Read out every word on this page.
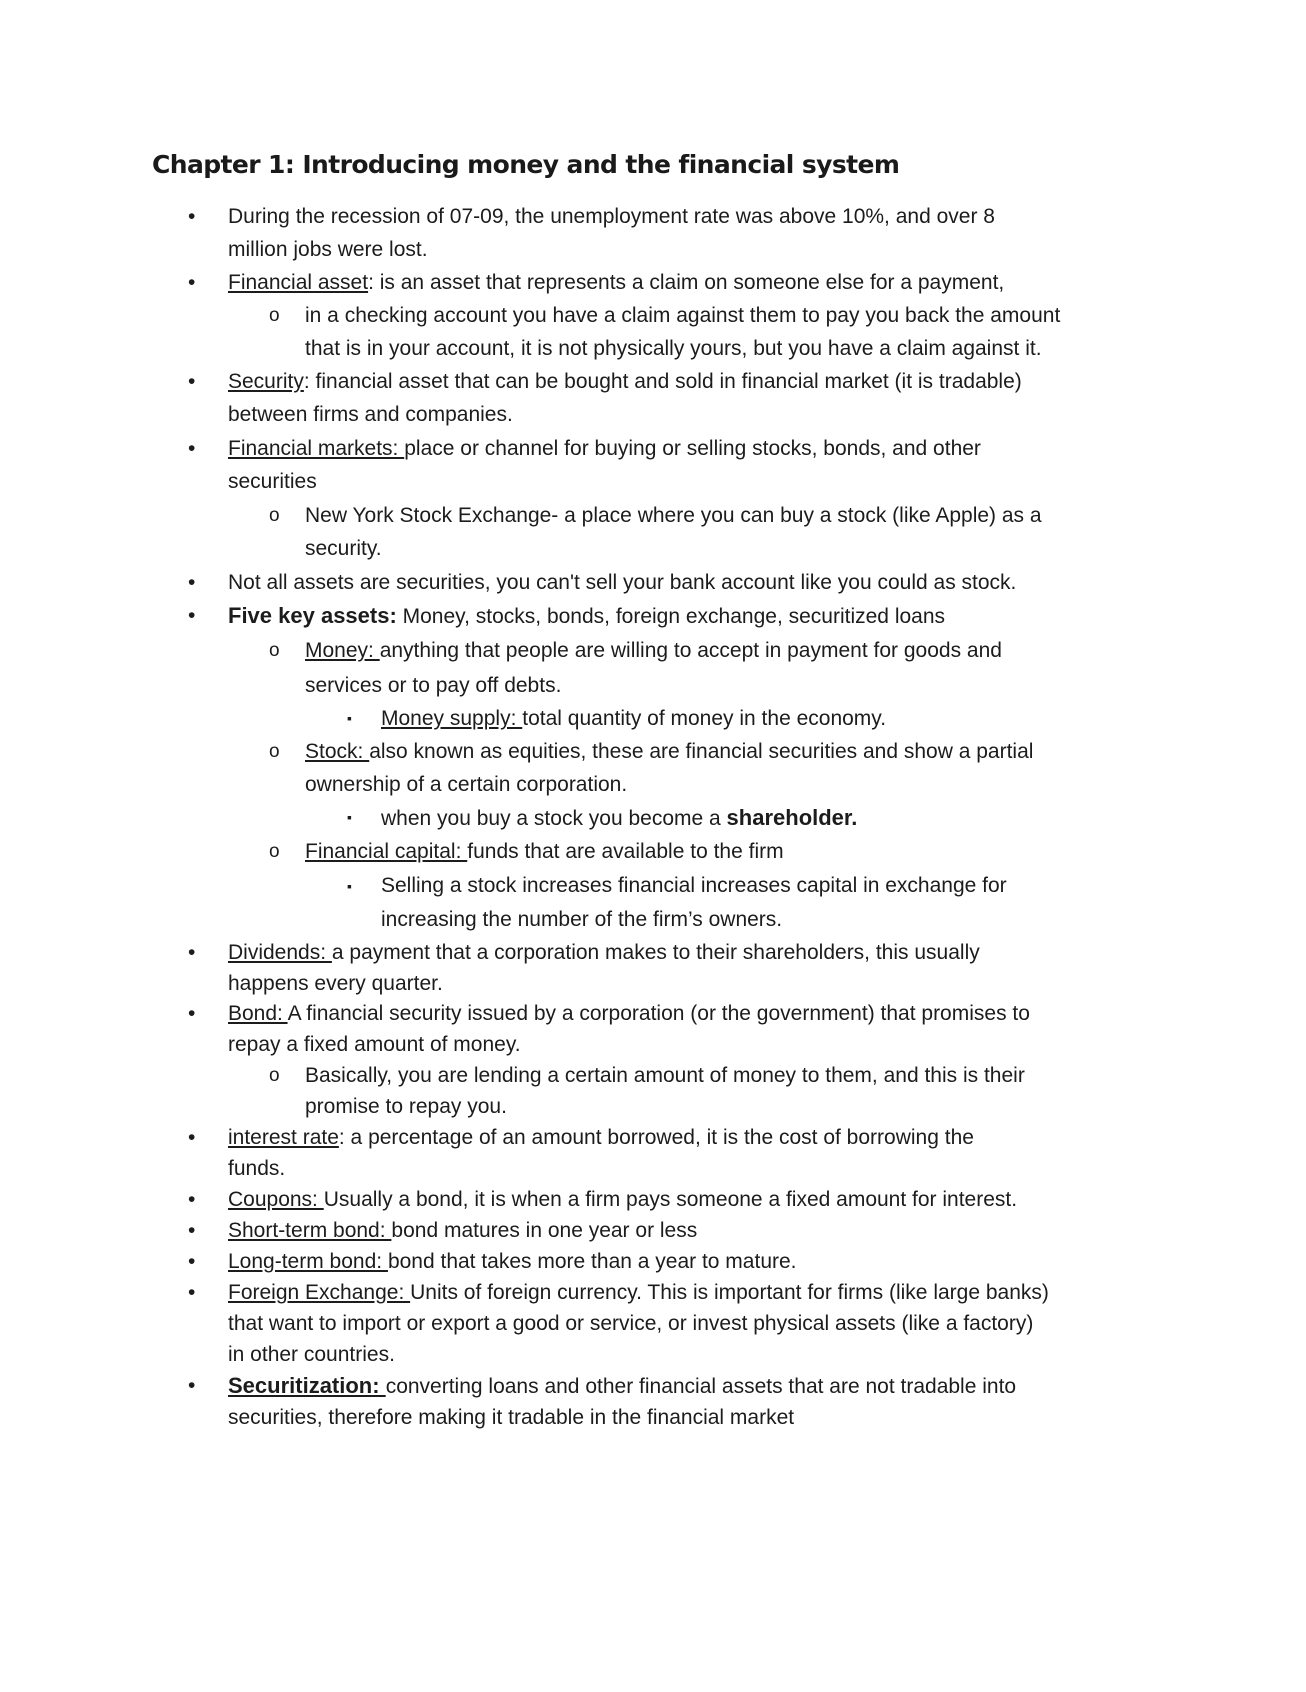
Chapter 1: Introducing money and the financial system
• During the recession of 07-09, the unemployment rate was above 10%, and over 8
million jobs were lost.
• Financial asset: is an asset that represents a claim on someone else for a payment,
o in a checking account you have a claim against them to pay you back the amount
that is in your account, it is not physically yours, but you have a claim against it.
• Security: financial asset that can be bought and sold in financial market (it is tradable)
between firms and companies.
• Financial markets: place or channel for buying or selling stocks, bonds, and other
securities
o New York Stock Exchange- a place where you can buy a stock (like Apple) as a
security.
• Not all assets are securities, you can't sell your bank account like you could as stock.
• Five key assets: Money, stocks, bonds, foreign exchange, securitized loans
o Money: anything that people are willing to accept in payment for goods and
services or to pay off debts.
▪ Money supply: total quantity of money in the economy.
o Stock: also known as equities, these are financial securities and show a partial
ownership of a certain corporation.
▪ when you buy a stock you become a shareholder.
o Financial capital: funds that are available to the firm
▪ Selling a stock increases financial increases capital in exchange for
increasing the number of the firm’s owners.
• Dividends: a payment that a corporation makes to their shareholders, this usually
happens every quarter.
• Bond: A financial security issued by a corporation (or the government) that promises to
repay a fixed amount of money.
o Basically, you are lending a certain amount of money to them, and this is their
promise to repay you.
• interest rate: a percentage of an amount borrowed, it is the cost of borrowing the
funds.
• Coupons: Usually a bond, it is when a firm pays someone a fixed amount for interest.
• Short-term bond: bond matures in one year or less
• Long-term bond: bond that takes more than a year to mature.
• Foreign Exchange: Units of foreign currency. This is important for firms (like large banks)
that want to import or export a good or service, or invest physical assets (like a factory)
in other countries.
• Securitization: converting loans and other financial assets that are not tradable into
securities, therefore making it tradable in the financial market
